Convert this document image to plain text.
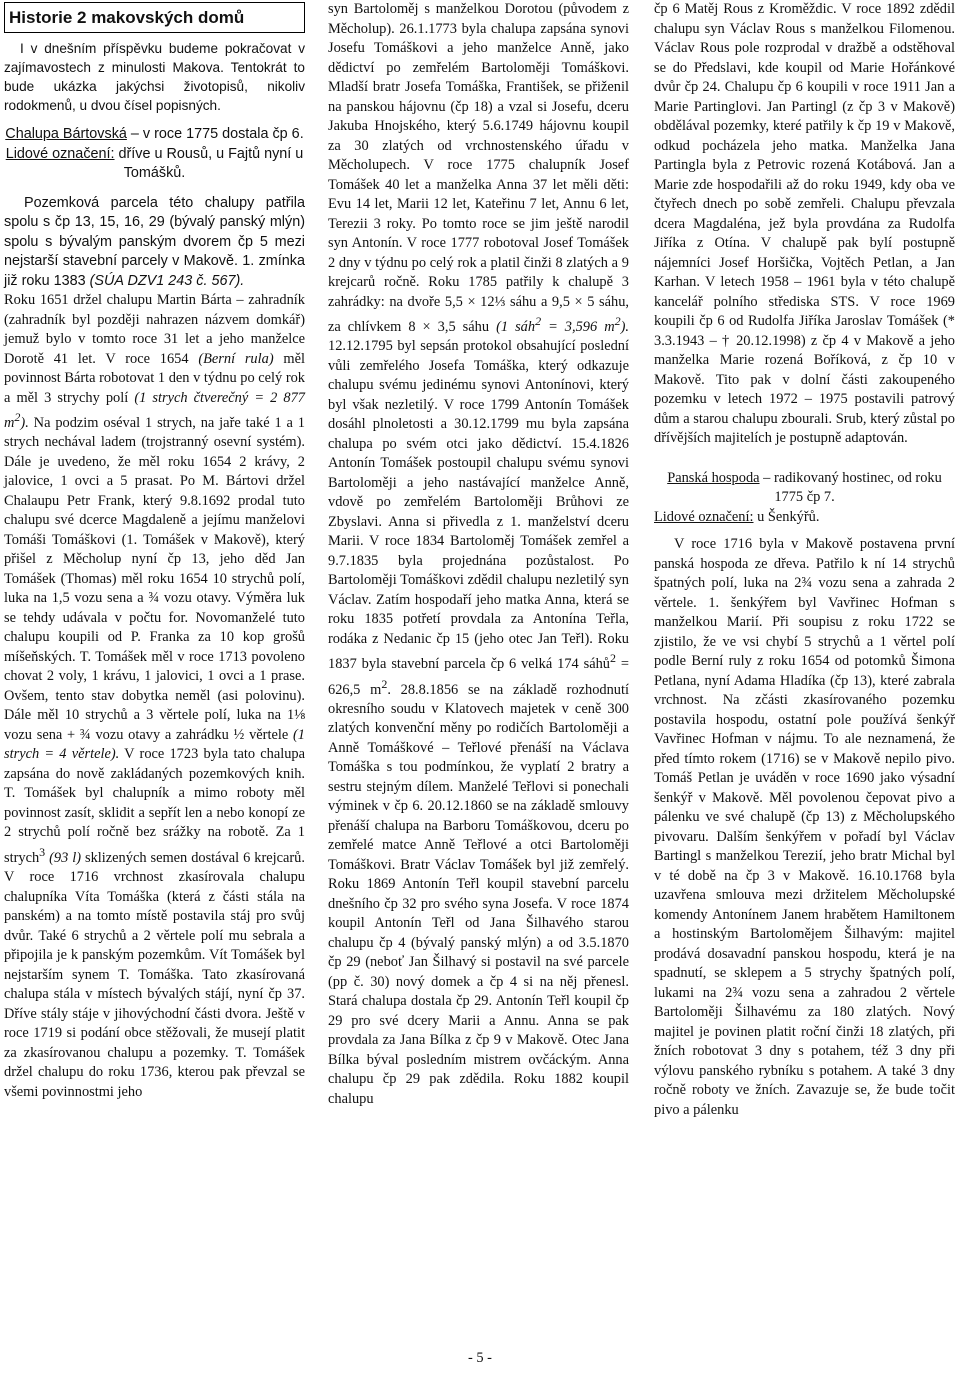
Historie 2 makovských domů

I v dnešním příspěvku budeme pokračovat v zajímavostech z minulosti Makova. Tentokrát to bude ukázka jakýchsi životopisů, nikoliv rodokmenů, u dvou čísel popisných.

Chalupa Bártovská – v roce 1775 dostala čp 6.

Lidové označení: dříve u Rousů, u Fajtů nyní u Tomášků.

Pozemková parcela této chalupy patřila spolu s čp 13, 15, 16, 29 (bývalý panský mlýn) spolu s bývalým panským dvorem čp 5 mezi nejstarší stavební parcely v Makově. 1. zmínka již roku 1383 (SÚA DZV1 243 č. 567).

Roku 1651 držel chalupu Martin Bárta – zahradník (zahradník byl později nahrazen názvem domkář) jemuž bylo v tomto roce 31 let a jeho manželce Dorotě 41 let. V roce 1654 (Berní rula) měl povinnost Bárta robotovat 1 den v týdnu po celý rok a měl 3 strychy polí (1 strych čtverečný = 2 877 $m^2$). Na podzim oséval 1 strych, na jaře také 1 a 1 strych nechával ladem (trojstranný osevní systém). Dále je uvedeno, že měl roku 1654 2 krávy, 2 jalovice, 1 ovci a 5 prasat. Po M. Bártovi držel Chalaupu Petr Frank, který 9.8.1692 prodal tuto chalupu své dcerce Magdaleně a jejímu manželovi Tomáši Tomáškovi (1. Tomášek v Makově), který přišel z Měcholup nyní čp 13, jeho děd Jan Tomášek (Thomas) měl roku 1654 10 strychů polí, luka na 1,5 vozu sena a ¾ vozu otavy. Výměra luk se tehdy udávala v počtu for. Novomanželé tuto chalupu koupili od P. Franka za 10 kop grošů míšeňských. T. Tomášek měl v roce 1713 povoleno chovat 2 voly, 1 krávu, 1 jalovici, 1 ovci a 1 prase. Ovšem, tento stav dobytka neměl (asi polovinu). Dále měl 10 strychů a 3 věrtele polí, luka na 1⅛ vozu sena + ¾ vozu otavy a zahrádku ½ věrtele (1 strych = 4 věrtele). V roce 1723 byla tato chalupa zapsána do nově zakládaných pozemkových knih. T. Tomášek byl chalupník a mimo roboty měl povinnost zasít, sklidit a sepřít len a nebo konopí ze 2 strychů polí ročně bez srážky na robotě. Za 1 strych$^3$ (93 l) sklizených semen dostával 6 krejcarů. V roce 1716 vrchnost zkasírovala chalupu chalupníka Víta Tomáška (která z části stála na panském) a na tomto místě postavila stáj pro svůj dvůr. Také 6 strychů a 2 věrtele polí mu sebrala a připojila je k panským pozemkům. Vít Tomášek byl nejstarším synem T. Tomáška. Tato zkasírovaná chalupa stála v místech bývalých stájí, nyní čp 37. Dříve stály stáje v jihovýchodní části dvora. Ještě v roce 1719 si podání obce stěžovali, že musejí platit za zkasírovanou chalupu a pozemky. T. Tomášek držel chalupu do roku 1736, kterou pak převzal se všemi povinnostmi jeho

syn Bartoloměj s manželkou Dorotou (původem z Měcholup). 26.1.1773 byla chalupa zapsána synovi Josefu Tomáškovi a jeho manželce Anně, jako dědictví po zemřelém Bartoloměji Tomáškovi. Mladší bratr Josefa Tomáška, František, se přiženil na panskou hájovnu (čp 18) a vzal si Josefu, dceru Jakuba Hnojského, který 5.6.1749 hájovnu koupil za 30 zlatých od vrchnostenského úřadu v Měcholupech. V roce 1775 chalupník Josef Tomášek 40 let a manželka Anna 37 let měli děti: Evu 14 let, Marii 12 let, Kateřinu 7 let, Annu 6 let, Terezii 3 roky. Po tomto roce se jim ještě narodil syn Antonín. V roce 1777 robotoval Josef Tomášek 2 dny v týdnu po celý rok a platil činži 8 zlatých a 9 krejcarů ročně. Roku 1785 patřily k chalupě 3 zahrádky: na dvoře 5,5 × 12⅓ sáhu a 9,5 × 5 sáhu, za chlívkem 8 × 3,5 sáhu (1 sáh$^2$ = 3,596 $m^2$). 12.12.1795 byl sepsán protokol obsahující poslední vůli zemřelého Josefa Tomáška, který odkazuje chalupu svému jedinému synovi Antonínovi, který byl však nezletilý. V roce 1799 Antonín Tomášek dosáhl plnoletosti a 30.12.1799 mu byla zapsána chalupa po svém otci jako dědictví. 15.4.1826 Antonín Tomášek postoupil chalupu svému synovi Bartoloměji a jeho nastávající manželce Anně, vdově po zemřelém Bartoloměji Brůhovi ze Zbyslavi. Anna si přivedla z 1. manželství dceru Marii. V roce 1834 Bartoloměj Tomášek zemřel a 9.7.1835 byla projednána pozůstalost. Po Bartoloměji Tomáškovi zdědil chalupu nezletilý syn Václav. Zatím hospodaří jeho matka Anna, která se roku 1835 potřetí provdala za Antonína Teřla, rodáka z Nedanic čp 15 (jeho otec Jan Teřl). Roku 1837 byla stavební parcela čp 6 velká 174 sáhů$^2$ = 626,5 $m^2$. 28.8.1856 se na základě rozhodnutí okresního soudu v Klatovech majetek v ceně 300 zlatých konvenční měny po rodičích Bartoloměji a Anně Tomáškové – Teřlové přenáší na Václava Tomáška s tou podmínkou, že vyplatí 2 bratry a sestru stejným dílem. Manželé Teřlovi si ponechali výminek v čp 6. 20.12.1860 se na základě smlouvy přenáší chalupa na Barboru Tomáškovou, dceru po zemřelé matce Anně Teřlové a otci Bartoloměji Tomáškovi. Bratr Václav Tomášek byl již zemřelý. Roku 1869 Antonín Teřl koupil stavební parcelu dnešního čp 32 pro svého syna Josefa. V roce 1874 koupil Antonín Teřl od Jana Šilhavého starou chalupu čp 4 (bývalý panský mlýn) a od 3.5.1870 čp 29 (neboť Jan Šilhavý si postavil na své parcele (pp č. 30) nový domek a čp 4 si na něj přenesl. Stará chalupa dostala čp 29. Antonín Teřl koupil čp 29 pro své dcery Marii a Annu. Anna se pak provdala za Jana Bílka z čp 9 v Makově. Otec Jana Bílka býval posledním mistrem ovčáckým. Anna chalupu čp 29 pak zdědila. Roku 1882 koupil chalupu

čp 6 Matěj Rous z Kroměždic. V roce 1892 zdědil chalupu syn Václav Rous s manželkou Filomenou. Václav Rous pole rozprodal v dražbě a odstěhoval se do Předslavi, kde koupil od Marie Hořánkové dvůr čp 24. Chalupu čp 6 koupili v roce 1911 Jan a Marie Partinglovi. Jan Partingl (z čp 3 v Makově) obdělával pozemky, které patřily k čp 19 v Makově, odkud pocházela jeho matka. Manželka Jana Partingla byla z Petrovic rozená Kotábová. Jan a Marie zde hospodařili až do roku 1949, kdy oba ve čtyřech dnech po sobě zemřeli. Chalupu převzala dcera Magdaléna, jež byla provdána za Rudolfa Jiříka z Otína. V chalupě pak bylí postupně nájemníci Josef Horšička, Vojtěch Petlan, a Jan Karhan. V letech 1958 – 1961 byla v této chalupě kancelář polního střediska STS. V roce 1969 koupili čp 6 od Rudolfa Jiříka Jaroslav Tomášek (* 3.3.1943 – † 20.12.1998) z čp 4 v Makově a jeho manželka Marie rozená Boříková, z čp 10 v Makově. Tito pak v dolní části zakoupeného pozemku v letech 1972 – 1975 postavili patrový dům a starou chalupu zbourali. Srub, který zůstal po dřívějších majitelích je postupně adaptován.

Panská hospoda – radikovaný hostinec, od roku 1775 čp 7.

Lidové označení: u Šenkýřů.

V roce 1716 byla v Makově postavena první panská hospoda ze dřeva. Patřilo k ní 14 strychů špatných polí, luka na 2¾ vozu sena a zahrada 2 věrtele. 1. šenkýřem byl Vavřinec Hofman s manželkou Marií. Při soupisu z roku 1722 se zjistilo, že ve vsi chybí 5 strychů a 1 věrtel polí podle Berní ruly z roku 1654 od potomků Šimona Petlana, nyní Adama Hladíka (čp 13), které zabrala vrchnost. Na zčásti zkasírovaného pozemku postavila hospodu, ostatní pole používá šenkýř Vavřinec Hofman v nájmu. To ale neznamená, že před tímto rokem (1716) se v Makově nepilo pivo. Tomáš Petlan je uváděn v roce 1690 jako výsadní šenkýř v Makově. Měl povolenou čepovat pivo a pálenku ve své chalupě (čp 13) z Měcholupského pivovaru. Dalším šenkýřem v pořadí byl Václav Bartingl s manželkou Terezií, jeho bratr Michal byl v té době na čp 3 v Makově. 16.10.1768 byla uzavřena smlouva mezi držitelem Měcholupské komendy Antonínem Janem hrabětem Hamiltonem a hostinským Bartolomějem Šilhavým: majitel prodává dosavadní panskou hospodu, která je na spadnutí, se sklepem a 5 strychy špatných polí, lukami na 2¾ vozu sena a zahradou 2 věrtele Bartoloměji Šilhavému za 180 zlatých. Nový majitel je povinen platit roční činži 18 zlatých, při žních robotovat 3 dny s potahem, též 3 dny při výlovu panského rybníku s potahem. A také 3 dny ročně roboty ve žních. Zavazuje se, že bude točit pivo a pálenku

- 5 -
